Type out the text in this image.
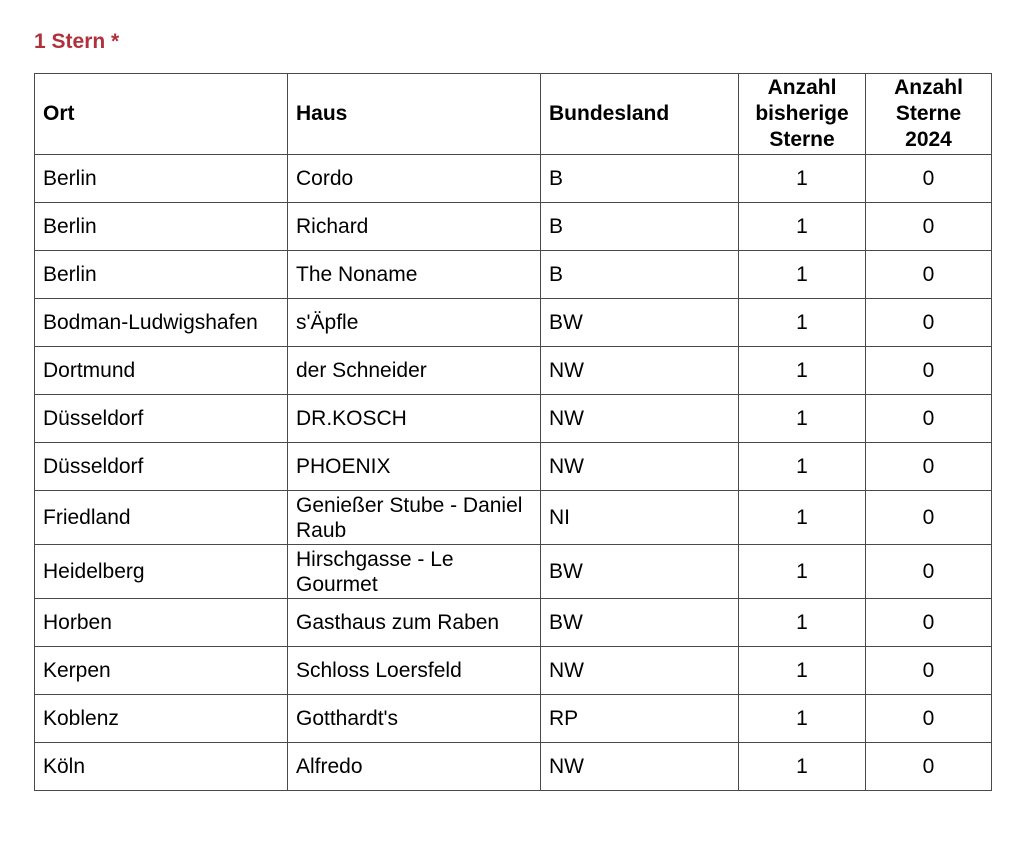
1 Stern *
Ort	Haus	Bundesland	Anzahl bisherige Sterne	Anzahl Sterne 2024
Berlin	Cordo	B	1	0
Berlin	Richard	B	1	0
Berlin	The Noname	B	1	0
Bodman-Ludwigshafen	s'Äpfle	BW	1	0
Dortmund	der Schneider	NW	1	0
Düsseldorf	DR.KOSCH	NW	1	0
Düsseldorf	PHOENIX	NW	1	0
Friedland	Genießer Stube - Daniel Raub	NI	1	0
Heidelberg	Hirschgasse - Le Gourmet	BW	1	0
Horben	Gasthaus zum Raben	BW	1	0
Kerpen	Schloss Loersfeld	NW	1	0
Koblenz	Gotthardt's	RP	1	0
Köln	Alfredo	NW	1	0
